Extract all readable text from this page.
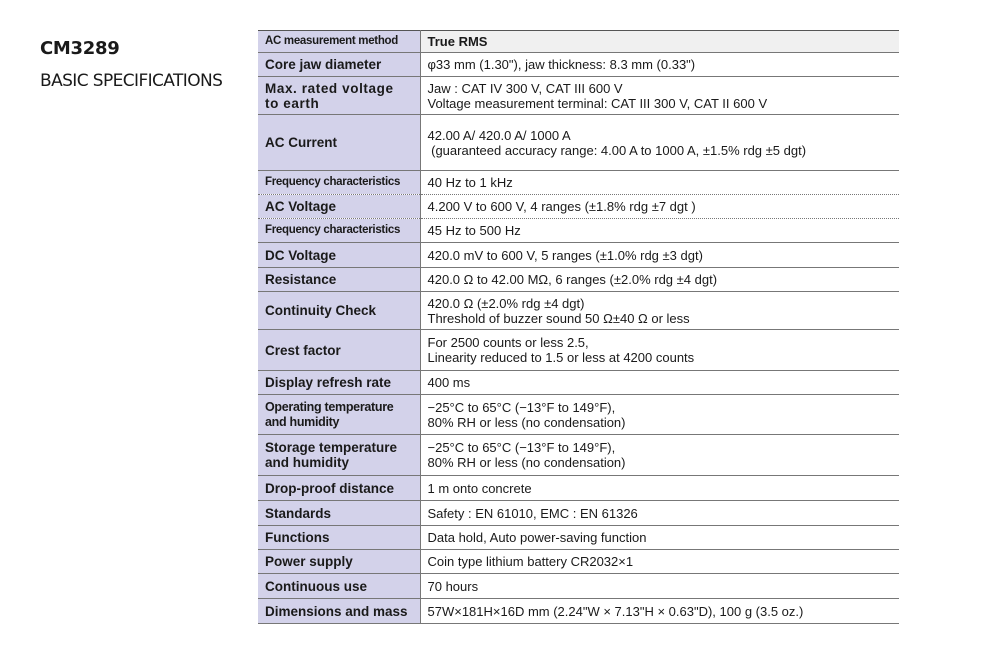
CM3289
BASIC SPECIFICATIONS
AC measurement method	True RMS
Core jaw diameter	φ33 mm (1.30"), jaw thickness: 8.3 mm (0.33")
Max. rated voltage
to earth	Jaw : CAT IV 300 V, CAT III 600 V
Voltage measurement terminal: CAT III 300 V, CAT II 600 V
AC Current	42.00 A/ 420.0 A/ 1000 A
(guaranteed accuracy range: 4.00 A to 1000 A, ±1.5% rdg ±5 dgt)
Frequency characteristics	40 Hz to 1 kHz
AC Voltage	4.200 V to 600 V, 4 ranges (±1.8% rdg ±7 dgt )
Frequency characteristics	45 Hz to 500 Hz
DC Voltage	420.0 mV to 600 V, 5 ranges (±1.0% rdg ±3 dgt)
Resistance	420.0 Ω to 42.00 MΩ, 6 ranges (±2.0% rdg ±4 dgt)
Continuity Check	420.0 Ω (±2.0% rdg ±4 dgt)
Threshold of buzzer sound 50 Ω±40 Ω or less
Crest factor	For 2500 counts or less 2.5,
Linearity reduced to 1.5 or less at 4200 counts
Display refresh rate	400 ms
Operating temperature
and humidity	−25°C to 65°C (−13°F to 149°F),
80% RH or less (no condensation)
Storage temperature
and humidity	−25°C to 65°C (−13°F to 149°F),
80% RH or less (no condensation)
Drop-proof distance	1 m onto concrete
Standards	Safety : EN 61010, EMC : EN 61326
Functions	Data hold, Auto power-saving function
Power supply	Coin type lithium battery CR2032×1
Continuous use	70 hours
Dimensions and mass	57W×181H×16D mm (2.24"W × 7.13"H × 0.63"D), 100 g (3.5 oz.)
